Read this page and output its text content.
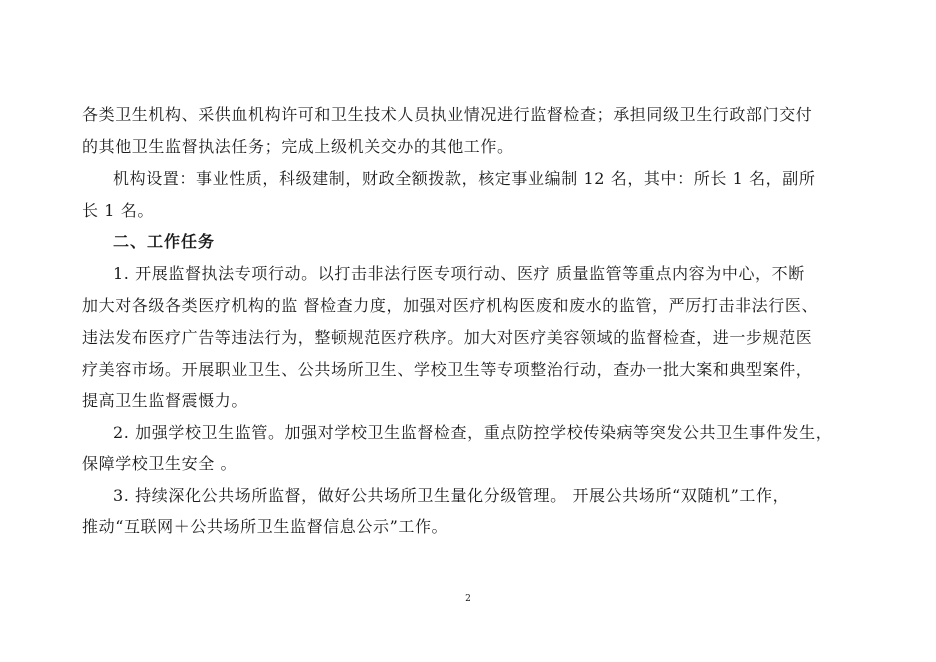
各类卫生机构、采供血机构许可和卫生技术人员执业情况进行监督检查；承担同级卫生行政部门交付
的其他卫生监督执法任务；完成上级机关交办的其他工作。
机构设置：事业性质，科级建制，财政全额拨款，核定事业编制 12 名，其中：所长 1 名，副所
长 1 名。
二、工作任务
1. 开展监督执法专项行动。以打击非法行医专项行动、医疗 质量监管等重点内容为中心，不断
加大对各级各类医疗机构的监 督检查力度，加强对医疗机构医废和废水的监管，严厉打击非法行医、
违法发布医疗广告等违法行为，整顿规范医疗秩序。加大对医疗美容领域的监督检查，进一步规范医
疗美容市场。开展职业卫生、公共场所卫生、学校卫生等专项整治行动，查办一批大案和典型案件，
提高卫生监督震慑力。
2. 加强学校卫生监管。加强对学校卫生监督检查，重点防控学校传染病等突发公共卫生事件发生，
保障学校卫生安全 。
3. 持续深化公共场所监督，做好公共场所卫生量化分级管理。 开展公共场所“双随机”工作，
推动“互联网＋公共场所卫生监督信息公示”工作。
2
